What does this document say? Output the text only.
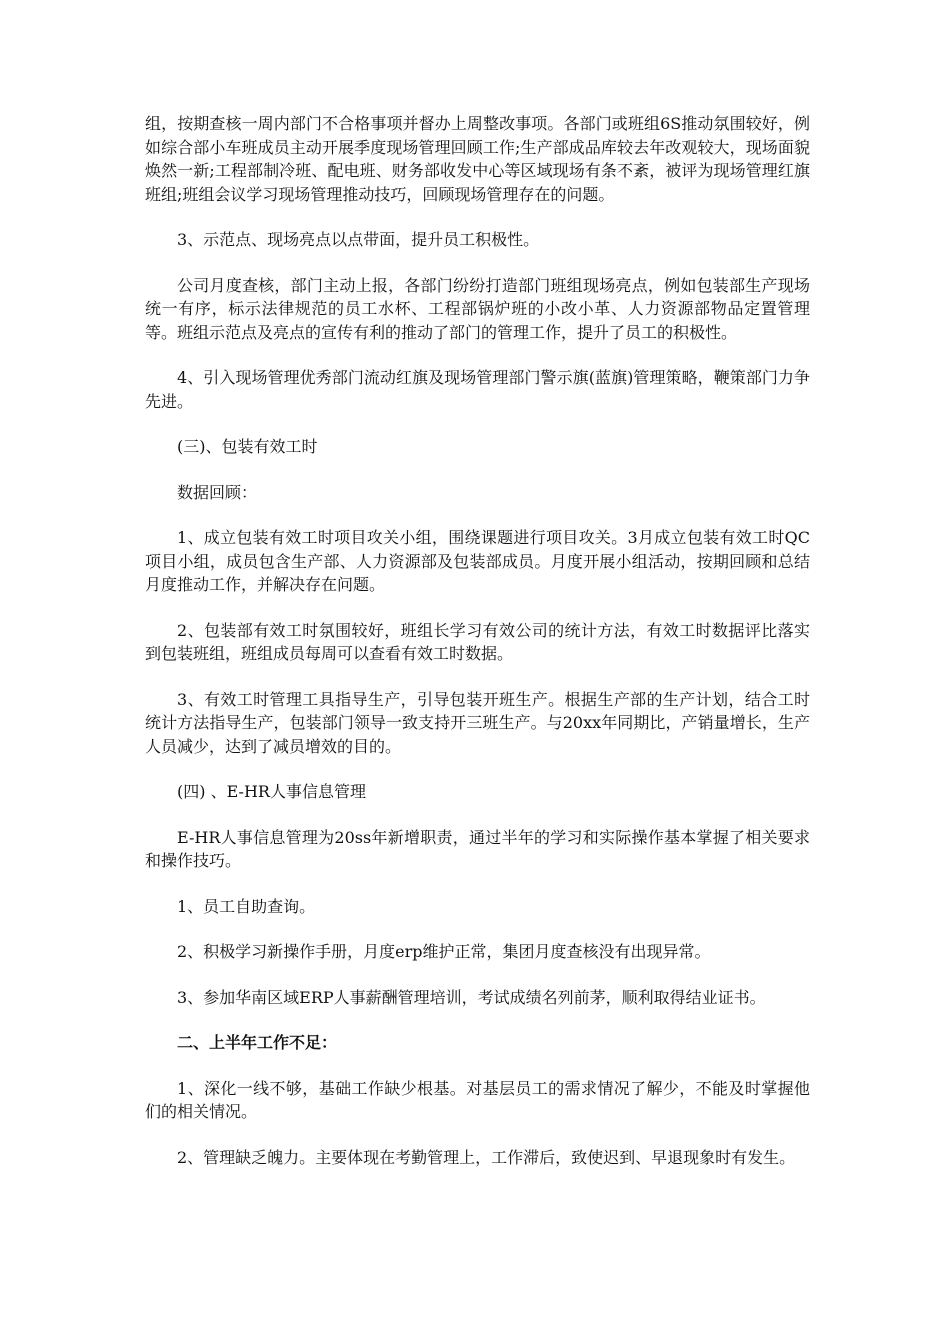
组，按期查核一周内部门不合格事项并督办上周整改事项。各部门或班组6S推动氛围较好，例如综合部小车班成员主动开展季度现场管理回顾工作;生产部成品库较去年改观较大，现场面貌焕然一新;工程部制冷班、配电班、财务部收发中心等区域现场有条不紊，被评为现场管理红旗班组;班组会议学习现场管理推动技巧，回顾现场管理存在的问题。

3、示范点、现场亮点以点带面，提升员工积极性。

公司月度查核，部门主动上报，各部门纷纷打造部门班组现场亮点，例如包装部生产现场统一有序，标示法律规范的员工水杯、工程部锅炉班的小改小革、人力资源部物品定置管理等。班组示范点及亮点的宣传有利的推动了部门的管理工作，提升了员工的积极性。

4、引入现场管理优秀部门流动红旗及现场管理部门警示旗(蓝旗)管理策略，鞭策部门力争先进。

(三)、包装有效工时

数据回顾：

1、成立包装有效工时项目攻关小组，围绕课题进行项目攻关。3月成立包装有效工时QC项目小组，成员包含生产部、人力资源部及包装部成员。月度开展小组活动，按期回顾和总结月度推动工作，并解决存在问题。

2、包装部有效工时氛围较好，班组长学习有效公司的统计方法，有效工时数据评比落实到包装班组，班组成员每周可以查看有效工时数据。

3、有效工时管理工具指导生产，引导包装开班生产。根据生产部的生产计划，结合工时统计方法指导生产，包装部门领导一致支持开三班生产。与20xx年同期比，产销量增长，生产人员减少，达到了减员增效的目的。

(四) 、E-HR人事信息管理

E-HR人事信息管理为20ss年新增职责，通过半年的学习和实际操作基本掌握了相关要求和操作技巧。

1、员工自助查询。

2、积极学习新操作手册，月度erp维护正常，集团月度查核没有出现异常。

3、参加华南区域ERP人事薪酬管理培训，考试成绩名列前茅，顺利取得结业证书。

二、上半年工作不足：

1、深化一线不够，基础工作缺少根基。对基层员工的需求情况了解少，不能及时掌握他们的相关情况。

2、管理缺乏魄力。主要体现在考勤管理上，工作滞后，致使迟到、早退现象时有发生。
